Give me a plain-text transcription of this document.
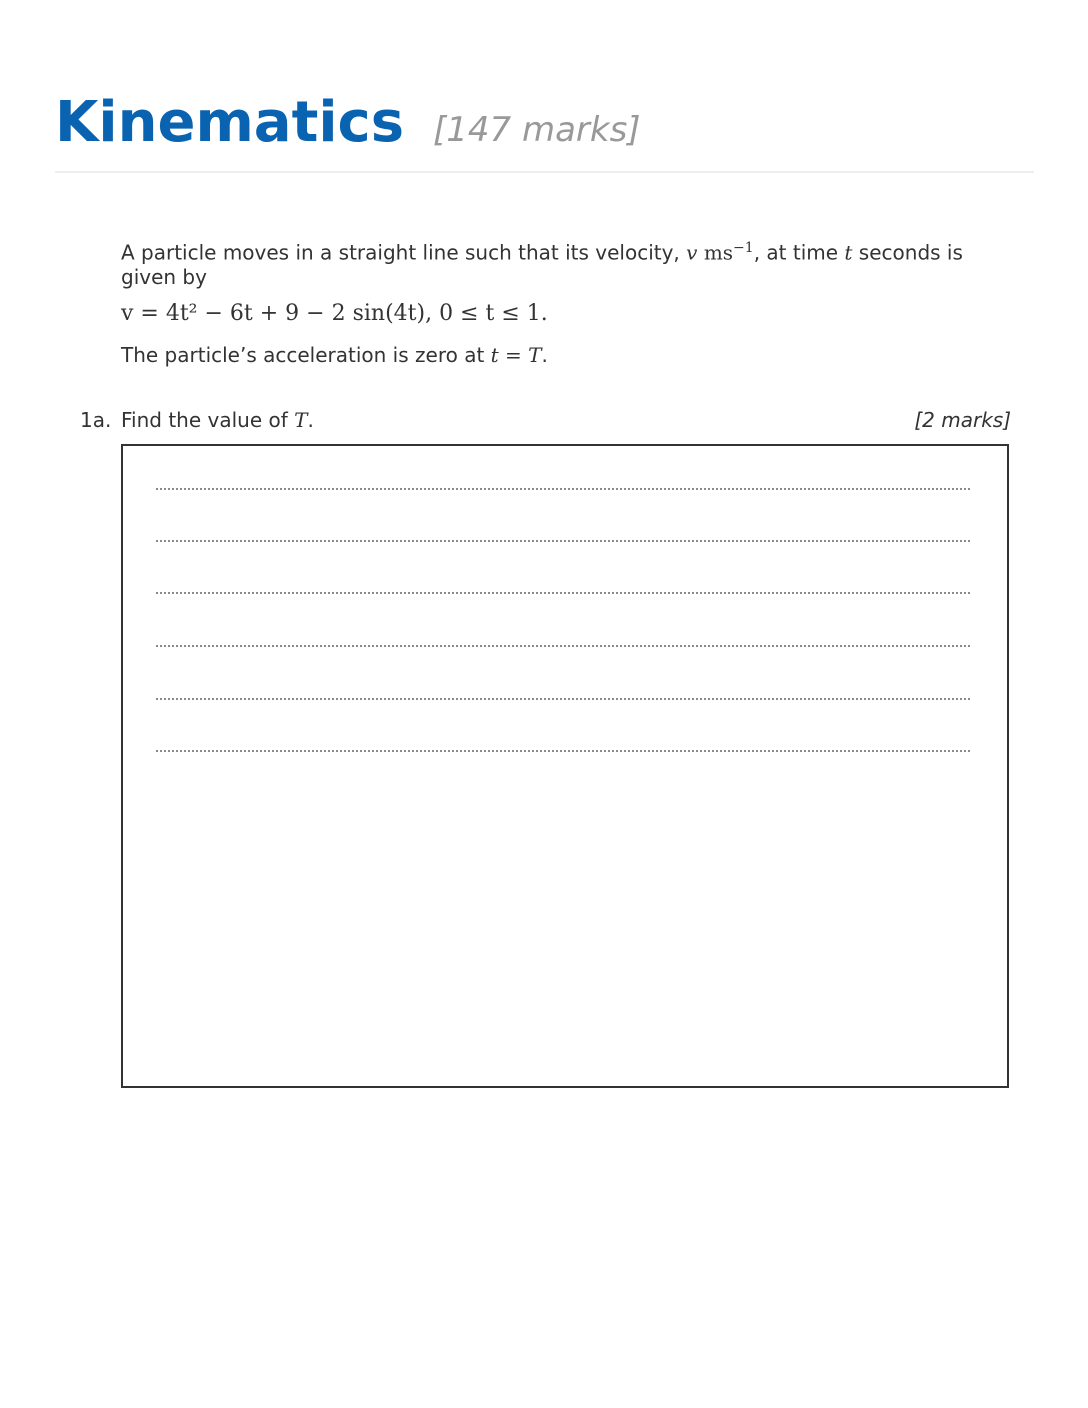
Kinematics [147 marks]

A particle moves in a straight line such that its velocity, v $ms^{-1}$, at time t seconds is given by

v = 4t² − 6t + 9 − 2 sin(4t), 0 ≤ t ≤ 1.
The particle’s acceleration is zero at t = T.
1a. Find the value of T.	[2 marks]
